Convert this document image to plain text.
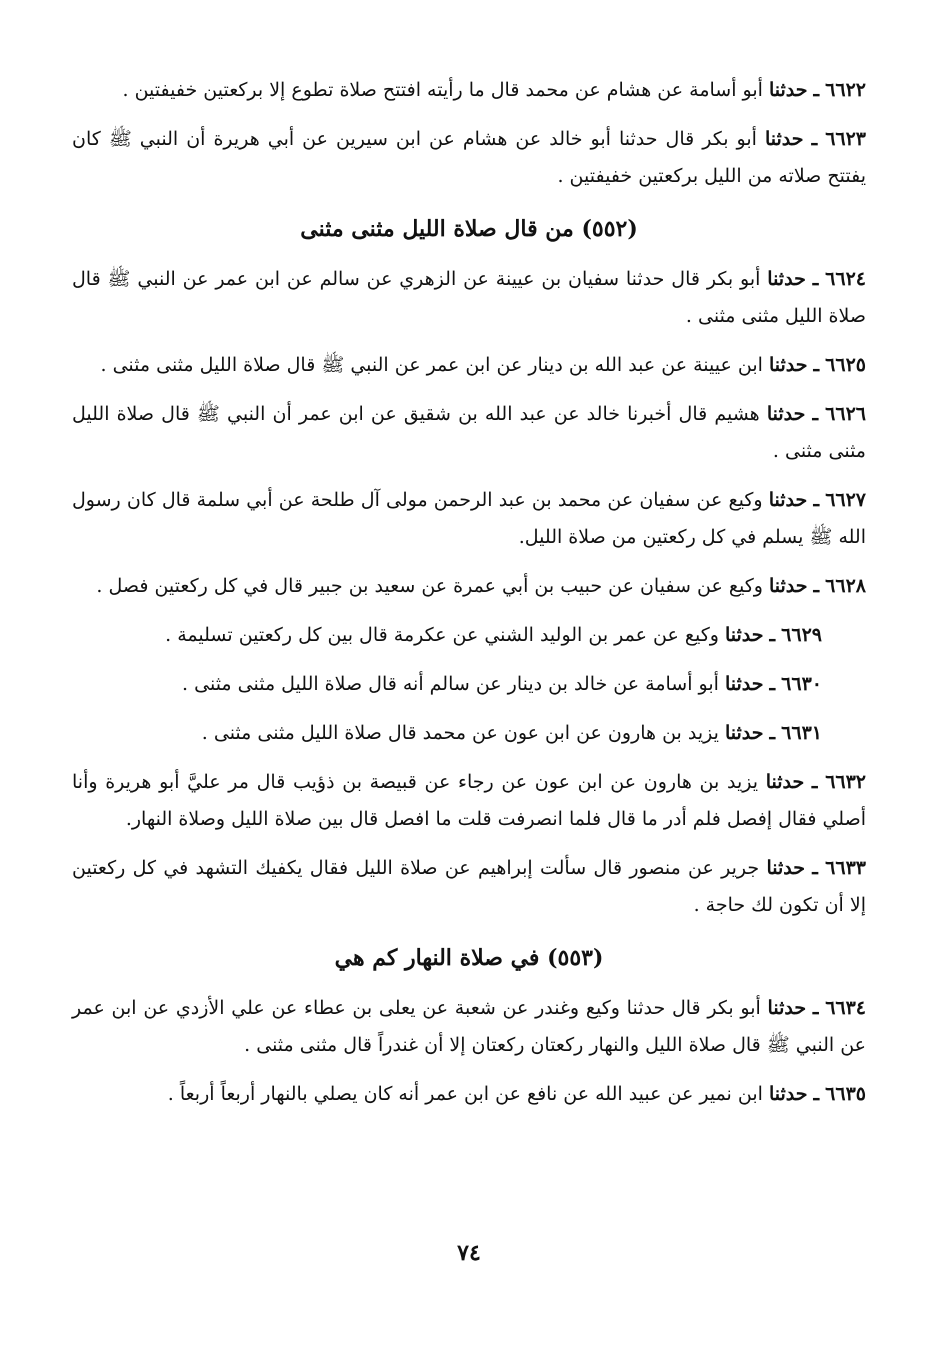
٦٦٢٢ ـ حدثنا أبو أسامة عن هشام عن محمد قال ما رأيته افتتح صلاة تطوع إلا بركعتين خفيفتين .

٦٦٢٣ ـ حدثنا أبو بكر قال حدثنا أبو خالد عن هشام عن ابن سيرين عن أبي هريرة أن النبي ﷺ كان يفتتح صلاته من الليل بركعتين خفيفتين .

(٥٥٢) من قال صلاة الليل مثنى مثنى

٦٦٢٤ ـ حدثنا أبو بكر قال حدثنا سفيان بن عيينة عن الزهري عن سالم عن ابن عمر عن النبي ﷺ قال صلاة الليل مثنى مثنى .

٦٦٢٥ ـ حدثنا ابن عيينة عن عبد الله بن دينار عن ابن عمر عن النبي ﷺ قال صلاة الليل مثنى مثنى .

٦٦٢٦ ـ حدثنا هشيم قال أخبرنا خالد عن عبد الله بن شقيق عن ابن عمر أن النبي ﷺ قال صلاة الليل مثنى مثنى .

٦٦٢٧ ـ حدثنا وكيع عن سفيان عن محمد بن عبد الرحمن مولى آل طلحة عن أبي سلمة قال كان رسول الله ﷺ يسلم في كل ركعتين من صلاة الليل.

٦٦٢٨ ـ حدثنا وكيع عن سفيان عن حبيب بن أبي عمرة عن سعيد بن جبير قال في كل ركعتين فصل .

٦٦٢٩ ـ حدثنا وكيع عن عمر بن الوليد الشني عن عكرمة قال بين كل ركعتين تسليمة .

٦٦٣٠ ـ حدثنا أبو أسامة عن خالد بن دينار عن سالم أنه قال صلاة الليل مثنى مثنى .

٦٦٣١ ـ حدثنا يزيد بن هارون عن ابن عون عن محمد قال صلاة الليل مثنى مثنى .

٦٦٣٢ ـ حدثنا يزيد بن هارون عن ابن عون عن رجاء عن قبيصة بن ذؤيب قال مر عليَّ أبو هريرة وأنا أصلي فقال إفصل فلم أدر ما قال فلما انصرفت قلت ما افصل قال بين صلاة الليل وصلاة النهار.

٦٦٣٣ ـ حدثنا جرير عن منصور قال سألت إبراهيم عن صلاة الليل فقال يكفيك التشهد في كل ركعتين إلا أن تكون لك حاجة .

(٥٥٣) في صلاة النهار كم هي

٦٦٣٤ ـ حدثنا أبو بكر قال حدثنا وكيع وغندر عن شعبة عن يعلى بن عطاء عن علي الأزدي عن ابن عمر عن النبي ﷺ قال صلاة الليل والنهار ركعتان ركعتان إلا أن غندراً قال مثنى مثنى .

٦٦٣٥ ـ حدثنا ابن نمير عن عبيد الله عن نافع عن ابن عمر أنه كان يصلي بالنهار أربعاً أربعاً .

٧٤
